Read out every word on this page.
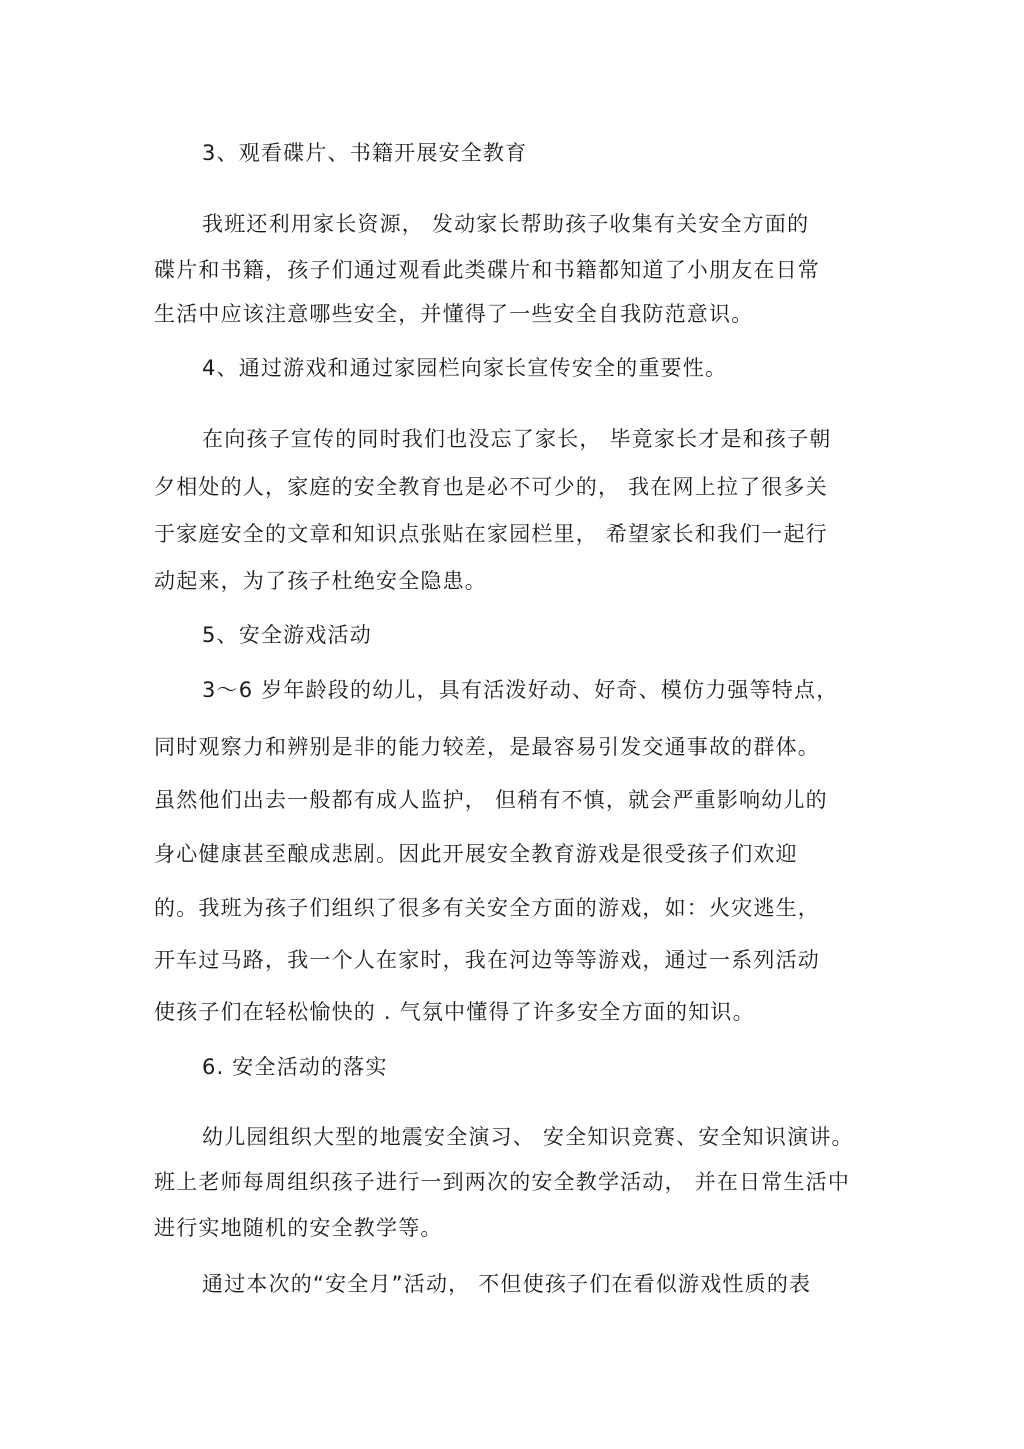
3、观看碟片、书籍开展安全教育
我班还利用家长资源， 发动家长帮助孩子收集有关安全方面的
碟片和书籍，孩子们通过观看此类碟片和书籍都知道了小朋友在日常
生活中应该注意哪些安全，并懂得了一些安全自我防范意识。
4、通过游戏和通过家园栏向家长宣传安全的重要性。
在向孩子宣传的同时我们也没忘了家长， 毕竟家长才是和孩子朝
夕相处的人，家庭的安全教育也是必不可少的， 我在网上拉了很多关
于家庭安全的文章和知识点张贴在家园栏里， 希望家长和我们一起行
动起来，为了孩子杜绝安全隐患。
5、安全游戏活动
3～6 岁年龄段的幼儿，具有活泼好动、好奇、模仿力强等特点，
同时观察力和辨别是非的能力较差，是最容易引发交通事故的群体。
虽然他们出去一般都有成人监护， 但稍有不慎，就会严重影响幼儿的
身心健康甚至酿成悲剧。因此开展安全教育游戏是很受孩子们欢迎
的。我班为孩子们组织了很多有关安全方面的游戏，如：火灾逃生，
开车过马路，我一个人在家时，我在河边等等游戏，通过一系列活动
使孩子们在轻松愉快的 . 气氛中懂得了许多安全方面的知识。
6. 安全活动的落实
幼儿园组织大型的地震安全演习、 安全知识竞赛、安全知识演讲。
班上老师每周组织孩子进行一到两次的安全教学活动， 并在日常生活中
进行实地随机的安全教学等。
通过本次的“安全月”活动， 不但使孩子们在看似游戏性质的表
